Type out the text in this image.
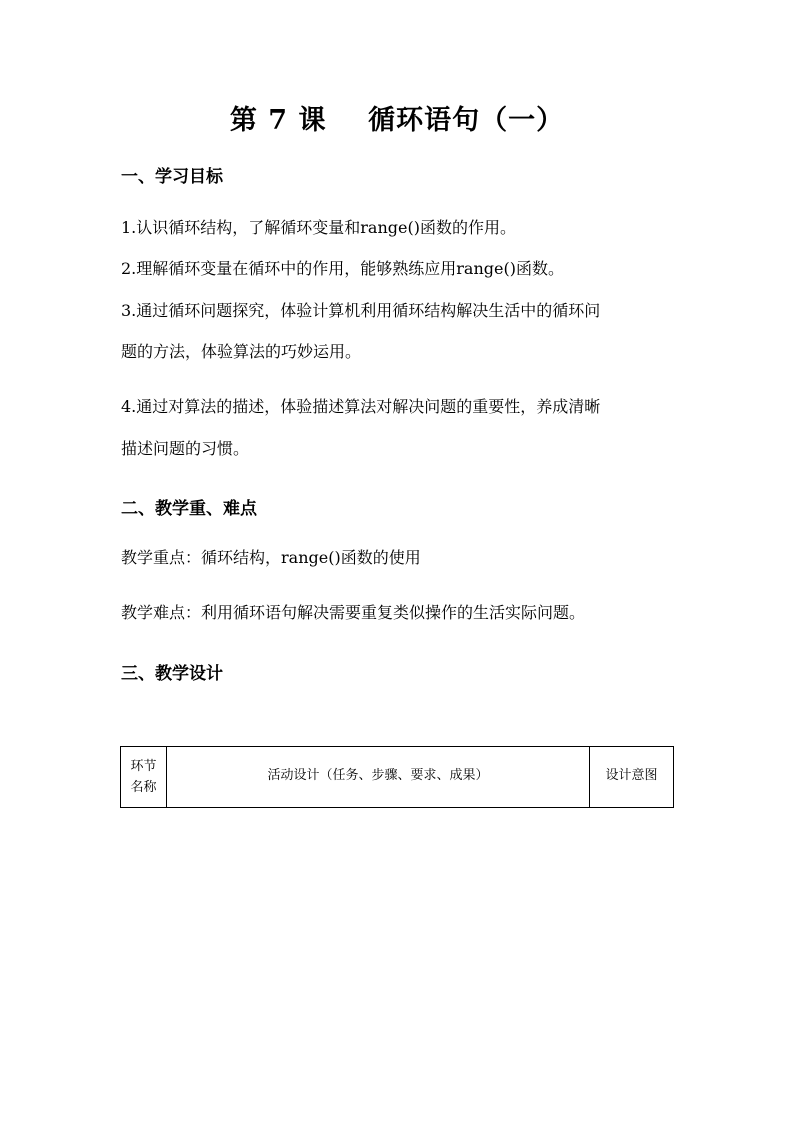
第 7 课    循环语句（一）
一、学习目标
1.认识循环结构，了解循环变量和range()函数的作用。
2.理解循环变量在循环中的作用，能够熟练应用range()函数。
3.通过循环问题探究，体验计算机利用循环结构解决生活中的循环问
题的方法，体验算法的巧妙运用。
4.通过对算法的描述，体验描述算法对解决问题的重要性，养成清晰
描述问题的习惯。
二、教学重、难点
教学重点：循环结构，range()函数的使用
教学难点：利用循环语句解决需要重复类似操作的生活实际问题。
三、教学设计
环节名称
活动设计（任务、步骤、要求、成果）	设计意图
